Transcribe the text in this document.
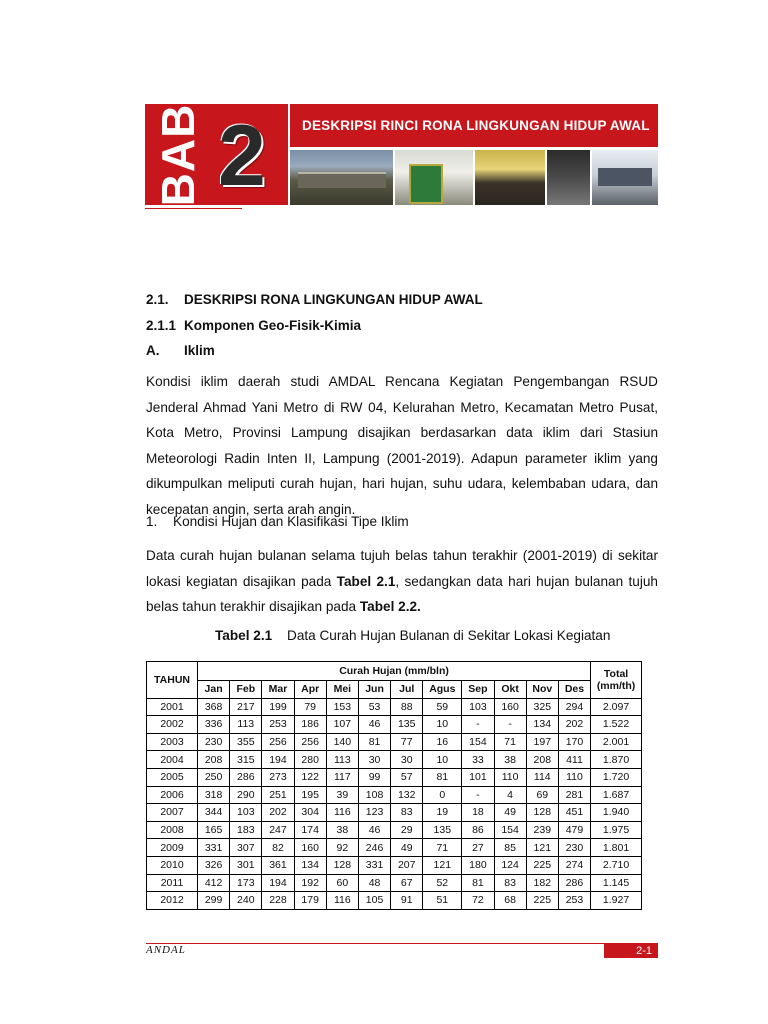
BAB 2	DESKRIPSI RINCI RONA LINGKUNGAN HIDUP AWAL
2.1. DESKRIPSI RONA LINGKUNGAN HIDUP AWAL
2.1.1 Komponen Geo-Fisik-Kimia
A. Iklim
Kondisi iklim daerah studi AMDAL Rencana Kegiatan Pengembangan RSUD Jenderal Ahmad Yani Metro di RW 04, Kelurahan Metro, Kecamatan Metro Pusat, Kota Metro, Provinsi Lampung disajikan berdasarkan data iklim dari Stasiun Meteorologi Radin Inten II, Lampung (2001-2019). Adapun parameter iklim yang dikumpulkan meliputi curah hujan, hari hujan, suhu udara, kelembaban udara, dan kecepatan angin, serta arah angin.
1. Kondisi Hujan dan Klasifikasi Tipe Iklim
Data curah hujan bulanan selama tujuh belas tahun terakhir (2001-2019) di sekitar lokasi kegiatan disajikan pada Tabel 2.1, sedangkan data hari hujan bulanan tujuh belas tahun terakhir disajikan pada Tabel 2.2.
Tabel 2.1 Data Curah Hujan Bulanan di Sekitar Lokasi Kegiatan
TAHUN	Curah Hujan (mm/bln)												Total
(mm/th)
	Jan	Feb	Mar	Apr	Mei	Jun	Jul	Agus	Sep	Okt	Nov	Des	
2001	368	217	199	79	153	53	88	59	103	160	325	294	2.097
2002	336	113	253	186	107	46	135	10	-	-	134	202	1.522
2003	230	355	256	256	140	81	77	16	154	71	197	170	2.001
2004	208	315	194	280	113	30	30	10	33	38	208	411	1.870
2005	250	286	273	122	117	99	57	81	101	110	114	110	1.720
2006	318	290	251	195	39	108	132	0	-	4	69	281	1.687
2007	344	103	202	304	116	123	83	19	18	49	128	451	1.940
2008	165	183	247	174	38	46	29	135	86	154	239	479	1.975
2009	331	307	82	160	92	246	49	71	27	85	121	230	1.801
2010	326	301	361	134	128	331	207	121	180	124	225	274	2.710
2011	412	173	194	192	60	48	67	52	81	83	182	286	1.145
2012	299	240	228	179	116	105	91	51	72	68	225	253	1.927
ANDAL	2-1
